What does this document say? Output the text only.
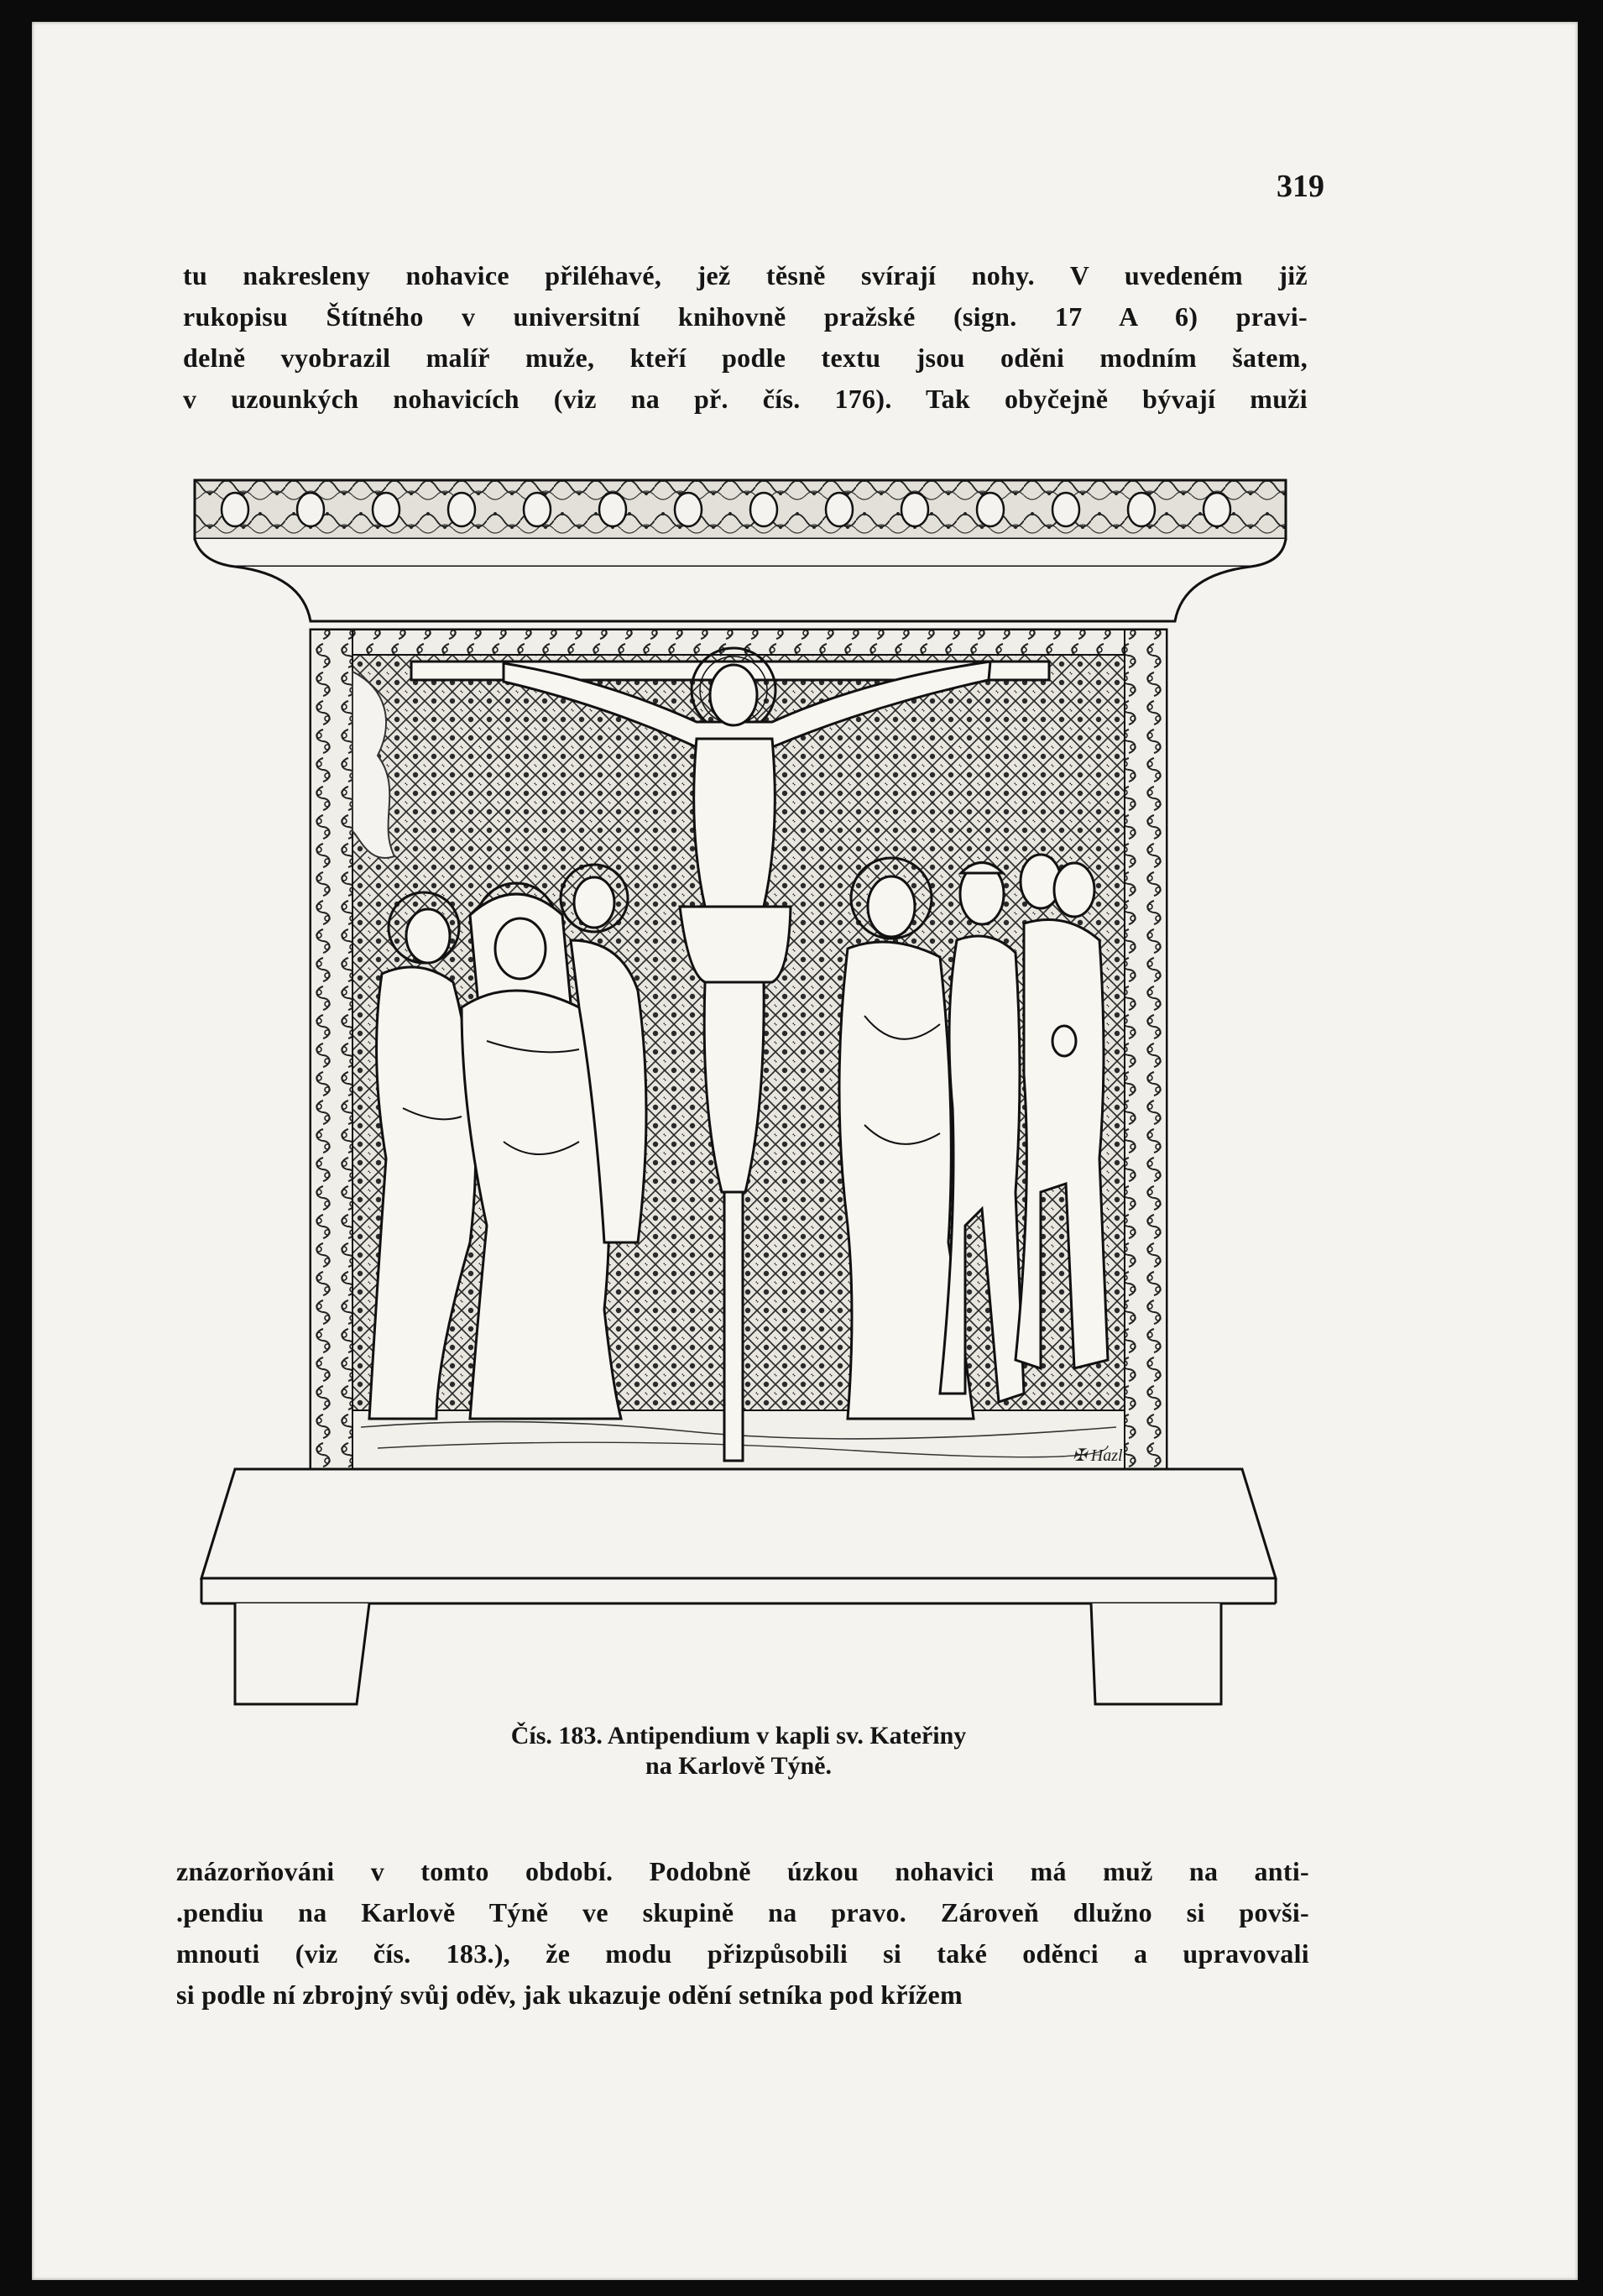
319
tu nakresleny nohavice přiléhavé, jež těsně svírají nohy. V uvedeném již
rukopisu Štítného v universitní knihovně pražské (sign. 17 A 6) pravi-
delně vyobrazil malíř muže, kteří podle textu jsou oděni modním šatem,
v uzounkých nohavicích (viz na př. čís. 176). Tak obyčejně bývají muži
✠ Hazl
Čís. 183. Antipendium v kapli sv. Kateřiny
na Karlově Týně.
znázorňováni v tomto období. Podobně úzkou nohavici má muž na anti-
.pendiu na Karlově Týně ve skupině na pravo. Zároveň dlužno si povši-
mnouti (viz čís. 183.), že modu přizpůsobili si také oděnci a upravovali
si podle ní zbrojný svůj oděv, jak ukazuje odění setníka pod křížem
